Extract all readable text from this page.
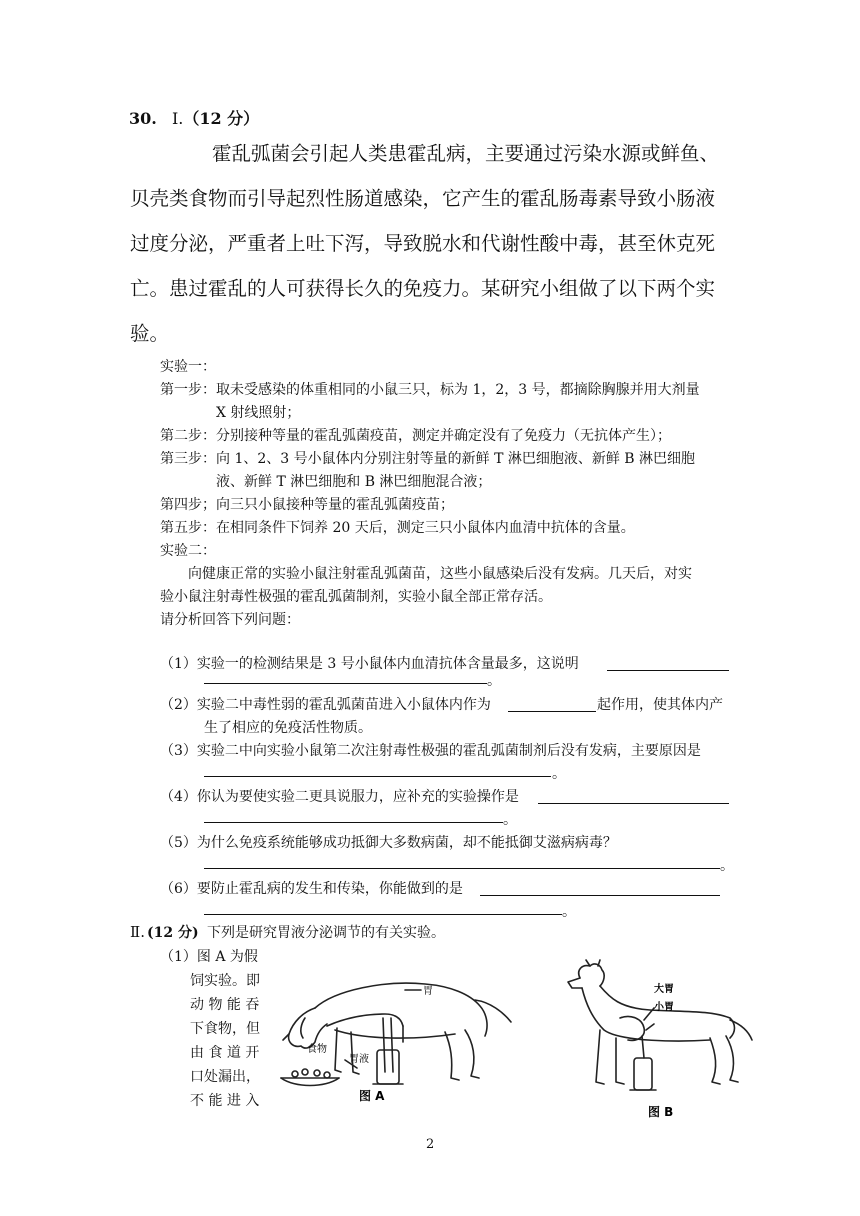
30. Ⅰ.（12 分）
霍乱弧菌会引起人类患霍乱病，主要通过污染水源或鲜鱼、
贝壳类食物而引导起烈性肠道感染，它产生的霍乱肠毒素导致小肠液
过度分泌，严重者上吐下泻，导致脱水和代谢性酸中毒，甚至休克死
亡。患过霍乱的人可获得长久的免疫力。某研究小组做了以下两个实
验。
实验一：
第一步：取未受感染的体重相同的小鼠三只，标为 1，2，3 号，都摘除胸腺并用大剂量
X 射线照射；
第二步：分别接种等量的霍乱弧菌疫苗，测定并确定没有了免疫力（无抗体产生）；
第三步：向 1、2、3 号小鼠体内分别注射等量的新鲜 T 淋巴细胞液、新鲜 B 淋巴细胞
液、新鲜 T 淋巴细胞和 B 淋巴细胞混合液；
第四步；向三只小鼠接种等量的霍乱弧菌疫苗；
第五步：在相同条件下饲养 20 天后，测定三只小鼠体内血清中抗体的含量。
实验二：
向健康正常的实验小鼠注射霍乱弧菌苗，这些小鼠感染后没有发病。几天后，对实
验小鼠注射毒性极强的霍乱弧菌制剂，实验小鼠全部正常存活。
请分析回答下列问题：
（1）实验一的检测结果是 3 号小鼠体内血清抗体含量最多，这说明
。
（2）实验二中毒性弱的霍乱弧菌苗进入小鼠体内作为	起作用，使其体内产
生了相应的免疫活性物质。
（3）实验二中向实验小鼠第二次注射毒性极强的霍乱弧菌制剂后没有发病，主要原因是
。
（4）你认为要使实验二更具说服力，应补充的实验操作是
。
（5）为什么免疫系统能够成功抵御大多数病菌，却不能抵御艾滋病病毒？
。
（6）要防止霍乱病的发生和传染，你能做到的是
。
Ⅱ. (12 分) 下列是研究胃液分泌调节的有关实验。
（1）图 A 为假
饲实验。即
动 物 能 吞
下食物，但
由 食 道 开
口处漏出，
不 能 进 入
胃
食物
胃液
图 A
大胃
小胃
图 B
2
